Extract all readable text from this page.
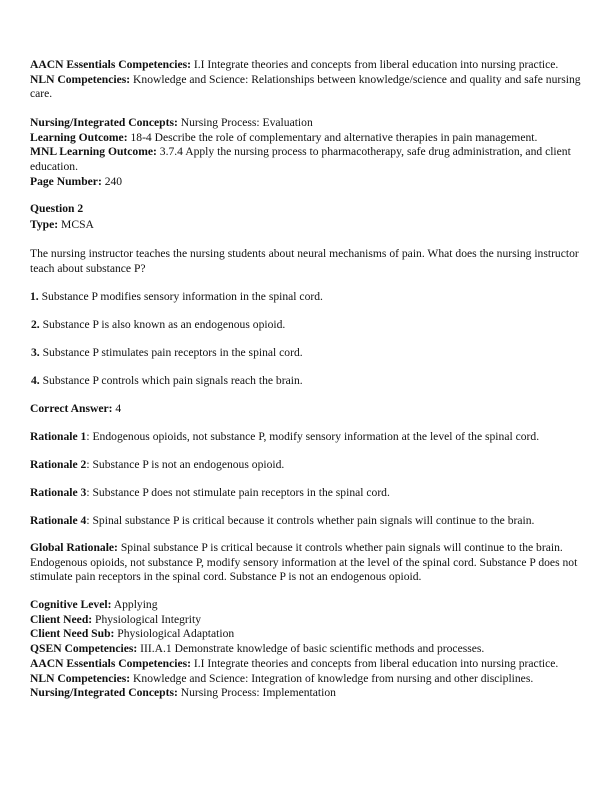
AACN Essentials Competencies: I.I Integrate theories and concepts from liberal education into nursing practice.
NLN Competencies: Knowledge and Science: Relationships between knowledge/science and quality and safe nursing care.
Nursing/Integrated Concepts: Nursing Process: Evaluation
Learning Outcome: 18-4 Describe the role of complementary and alternative therapies in pain management.
MNL Learning Outcome: 3.7.4 Apply the nursing process to pharmacotherapy, safe drug administration, and client education.
Page Number: 240
Question 2
Type: MCSA
The nursing instructor teaches the nursing students about neural mechanisms of pain. What does the nursing instructor teach about substance P?
1. Substance P modifies sensory information in the spinal cord.
2. Substance P is also known as an endogenous opioid.
3. Substance P stimulates pain receptors in the spinal cord.
4. Substance P controls which pain signals reach the brain.
Correct Answer: 4
Rationale 1: Endogenous opioids, not substance P, modify sensory information at the level of the spinal cord.
Rationale 2: Substance P is not an endogenous opioid.
Rationale 3: Substance P does not stimulate pain receptors in the spinal cord.
Rationale 4: Spinal substance P is critical because it controls whether pain signals will continue to the brain.
Global Rationale: Spinal substance P is critical because it controls whether pain signals will continue to the brain. Endogenous opioids, not substance P, modify sensory information at the level of the spinal cord. Substance P does not stimulate pain receptors in the spinal cord. Substance P is not an endogenous opioid.
Cognitive Level: Applying
Client Need: Physiological Integrity
Client Need Sub: Physiological Adaptation
QSEN Competencies: III.A.1 Demonstrate knowledge of basic scientific methods and processes.
AACN Essentials Competencies: I.I Integrate theories and concepts from liberal education into nursing practice.
NLN Competencies: Knowledge and Science: Integration of knowledge from nursing and other disciplines.
Nursing/Integrated Concepts: Nursing Process: Implementation
